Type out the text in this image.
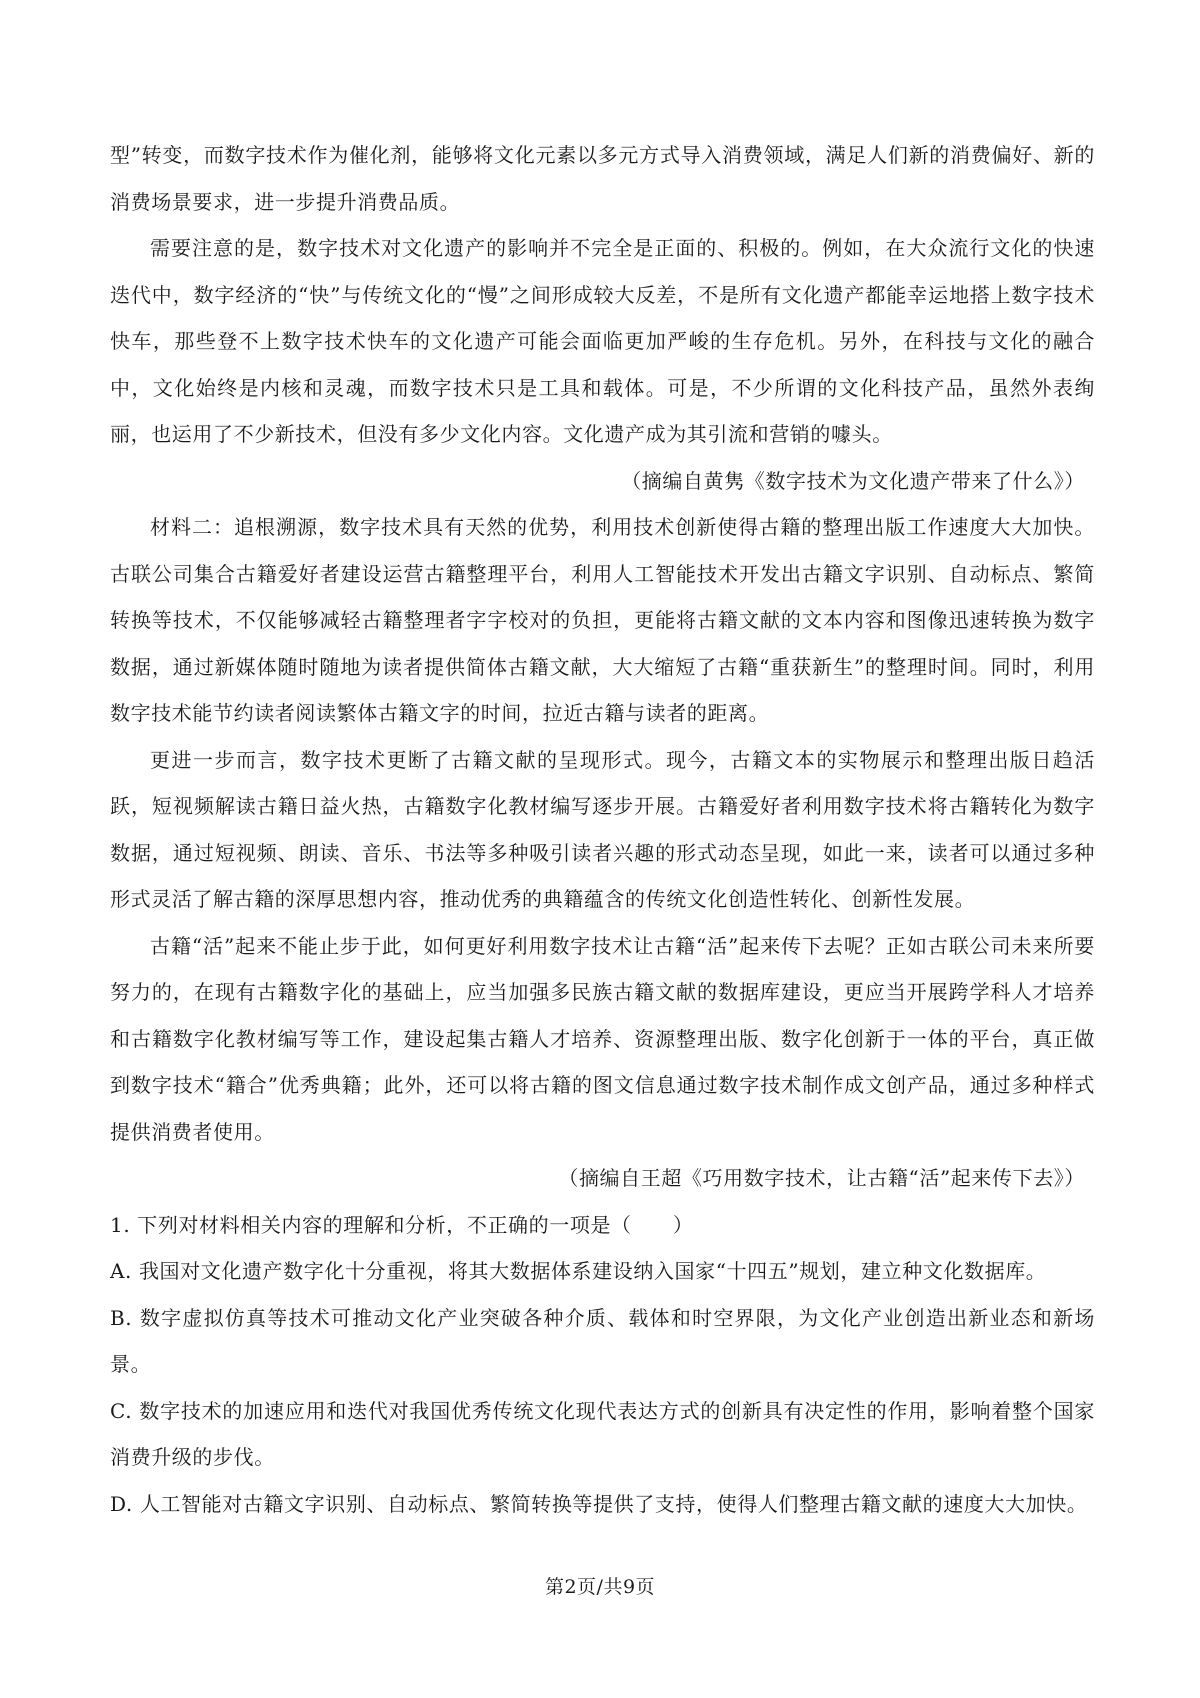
型”转变，而数字技术作为催化剂，能够将文化元素以多元方式导入消费领域，满足人们新的消费偏好、新的消费场景要求，进一步提升消费品质。

需要注意的是，数字技术对文化遗产的影响并不完全是正面的、积极的。例如，在大众流行文化的快速迭代中，数字经济的“快”与传统文化的“慢”之间形成较大反差，不是所有文化遗产都能幸运地搭上数字技术快车，那些登不上数字技术快车的文化遗产可能会面临更加严峻的生存危机。另外，在科技与文化的融合中，文化始终是内核和灵魂，而数字技术只是工具和载体。可是，不少所谓的文化科技产品，虽然外表绚丽，也运用了不少新技术，但没有多少文化内容。文化遗产成为其引流和营销的噱头。

（摘编自黄隽《数字技术为文化遗产带来了什么》）

材料二：追根溯源，数字技术具有天然的优势，利用技术创新使得古籍的整理出版工作速度大大加快。古联公司集合古籍爱好者建设运营古籍整理平台，利用人工智能技术开发出古籍文字识别、自动标点、繁简转换等技术，不仅能够减轻古籍整理者字字校对的负担，更能将古籍文献的文本内容和图像迅速转换为数字数据，通过新媒体随时随地为读者提供简体古籍文献，大大缩短了古籍“重获新生”的整理时间。同时，利用数字技术能节约读者阅读繁体古籍文字的时间，拉近古籍与读者的距离。

更进一步而言，数字技术更断了古籍文献的呈现形式。现今，古籍文本的实物展示和整理出版日趋活跃，短视频解读古籍日益火热，古籍数字化教材编写逐步开展。古籍爱好者利用数字技术将古籍转化为数字数据，通过短视频、朗读、音乐、书法等多种吸引读者兴趣的形式动态呈现，如此一来，读者可以通过多种形式灵活了解古籍的深厚思想内容，推动优秀的典籍蕴含的传统文化创造性转化、创新性发展。

古籍“活”起来不能止步于此，如何更好利用数字技术让古籍“活”起来传下去呢？正如古联公司未来所要努力的，在现有古籍数字化的基础上，应当加强多民族古籍文献的数据库建设，更应当开展跨学科人才培养和古籍数字化教材编写等工作，建设起集古籍人才培养、资源整理出版、数字化创新于一体的平台，真正做到数字技术“籍合”优秀典籍；此外，还可以将古籍的图文信息通过数字技术制作成文创产品，通过多种样式提供消费者使用。

（摘编自王超《巧用数字技术，让古籍“活”起来传下去》）

1. 下列对材料相关内容的理解和分析，不正确的一项是（　　）

A. 我国对文化遗产数字化十分重视，将其大数据体系建设纳入国家“十四五”规划，建立种文化数据库。

B. 数字虚拟仿真等技术可推动文化产业突破各种介质、载体和时空界限，为文化产业创造出新业态和新场景。

C. 数字技术的加速应用和迭代对我国优秀传统文化现代表达方式的创新具有决定性的作用，影响着整个国家消费升级的步伐。

D. 人工智能对古籍文字识别、自动标点、繁简转换等提供了支持，使得人们整理古籍文献的速度大大加快。

第2页/共9页
